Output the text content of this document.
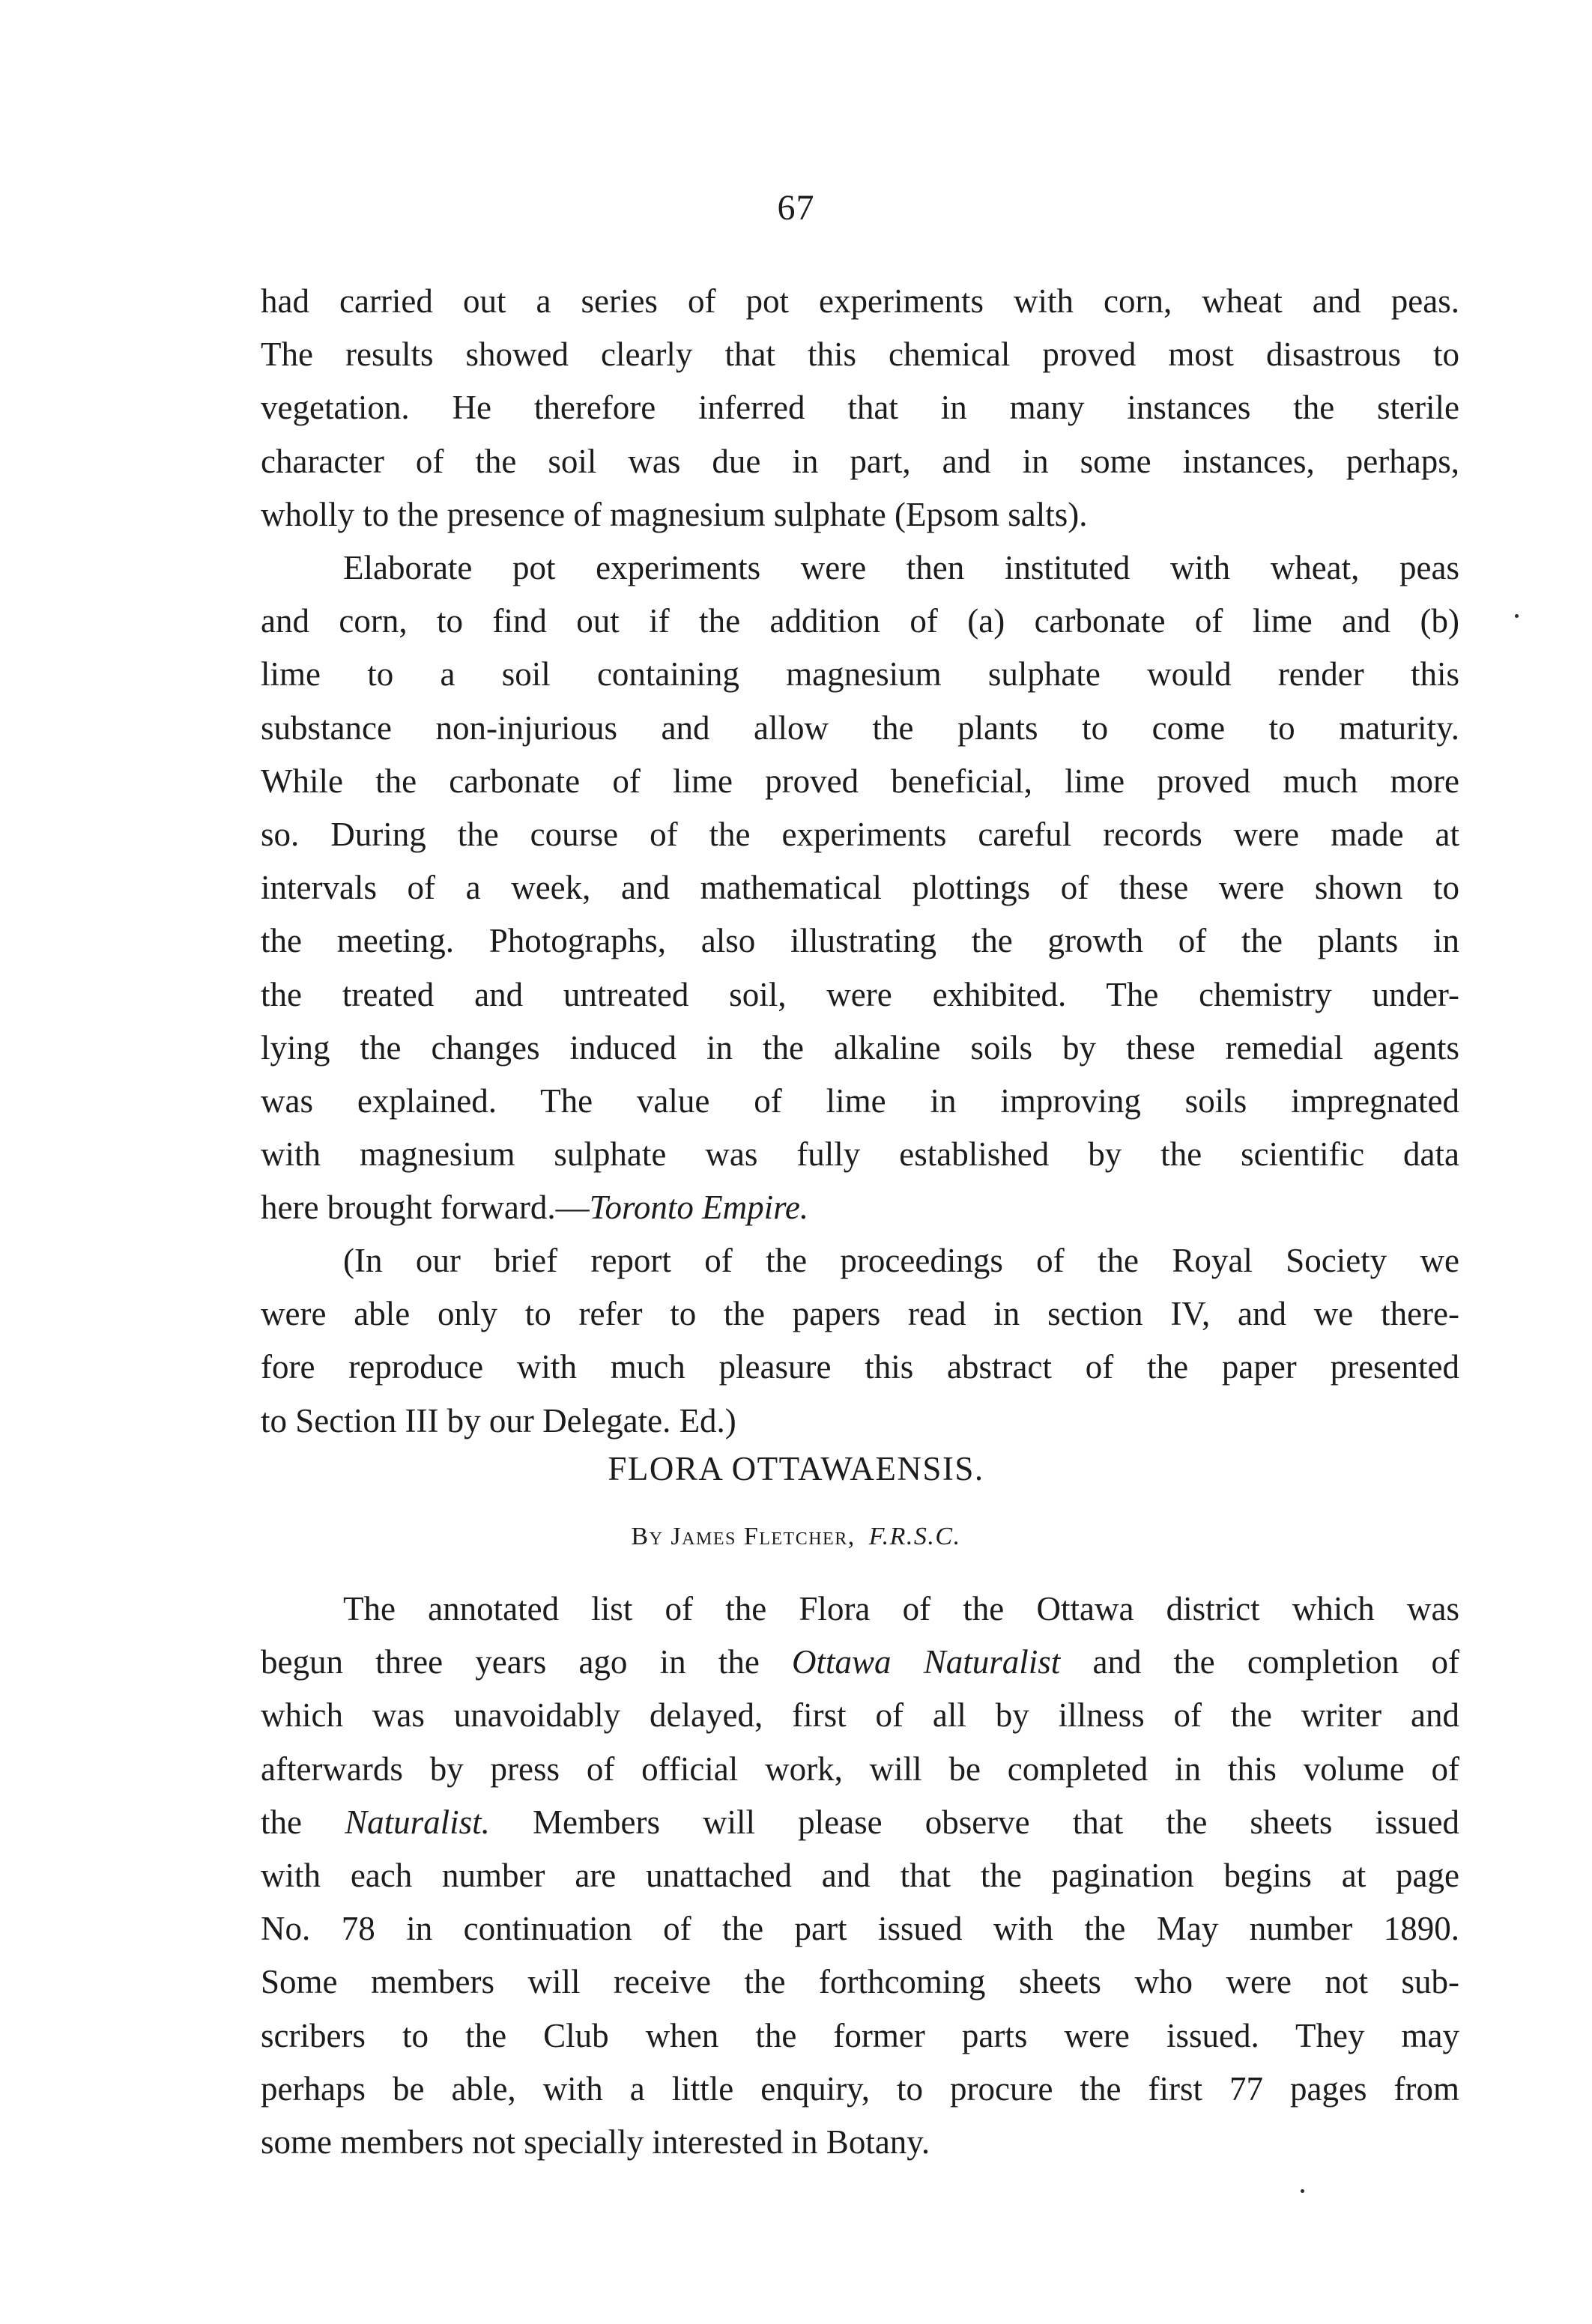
67

had carried out a series of pot experiments with corn, wheat and peas.
The results showed clearly that this chemical proved most disastrous to
vegetation. He therefore inferred that in many instances the sterile
character of the soil was due in part, and in some instances, perhaps,
wholly to the presence of magnesium sulphate (Epsom salts).

Elaborate pot experiments were then instituted with wheat, peas
and corn, to find out if the addition of (a) carbonate of lime and (b)
lime to a soil containing magnesium sulphate would render this
substance non-injurious and allow the plants to come to maturity.
While the carbonate of lime proved beneficial, lime proved much more
so. During the course of the experiments careful records were made at
intervals of a week, and mathematical plottings of these were shown to
the meeting. Photographs, also illustrating the growth of the plants in
the treated and untreated soil, were exhibited. The chemistry under-
lying the changes induced in the alkaline soils by these remedial agents
was explained. The value of lime in improving soils impregnated
with magnesium sulphate was fully established by the scientific data
here brought forward.—Toronto Empire.

(In our brief report of the proceedings of the Royal Society we
were able only to refer to the papers read in section IV, and we there-
fore reproduce with much pleasure this abstract of the paper presented
to Section III by our Delegate. Ed.)

FLORA OTTAWAENSIS.
By James Fletcher, F.R.S.C.

The annotated list of the Flora of the Ottawa district which was
begun three years ago in the Ottawa Naturalist and the completion of
which was unavoidably delayed, first of all by illness of the writer and
afterwards by press of official work, will be completed in this volume of
the Naturalist. Members will please observe that the sheets issued
with each number are unattached and that the pagination begins at page
No. 78 in continuation of the part issued with the May number 1890.
Some members will receive the forthcoming sheets who were not sub-
scribers to the Club when the former parts were issued. They may
perhaps be able, with a little enquiry, to procure the first 77 pages from
some members not specially interested in Botany.
